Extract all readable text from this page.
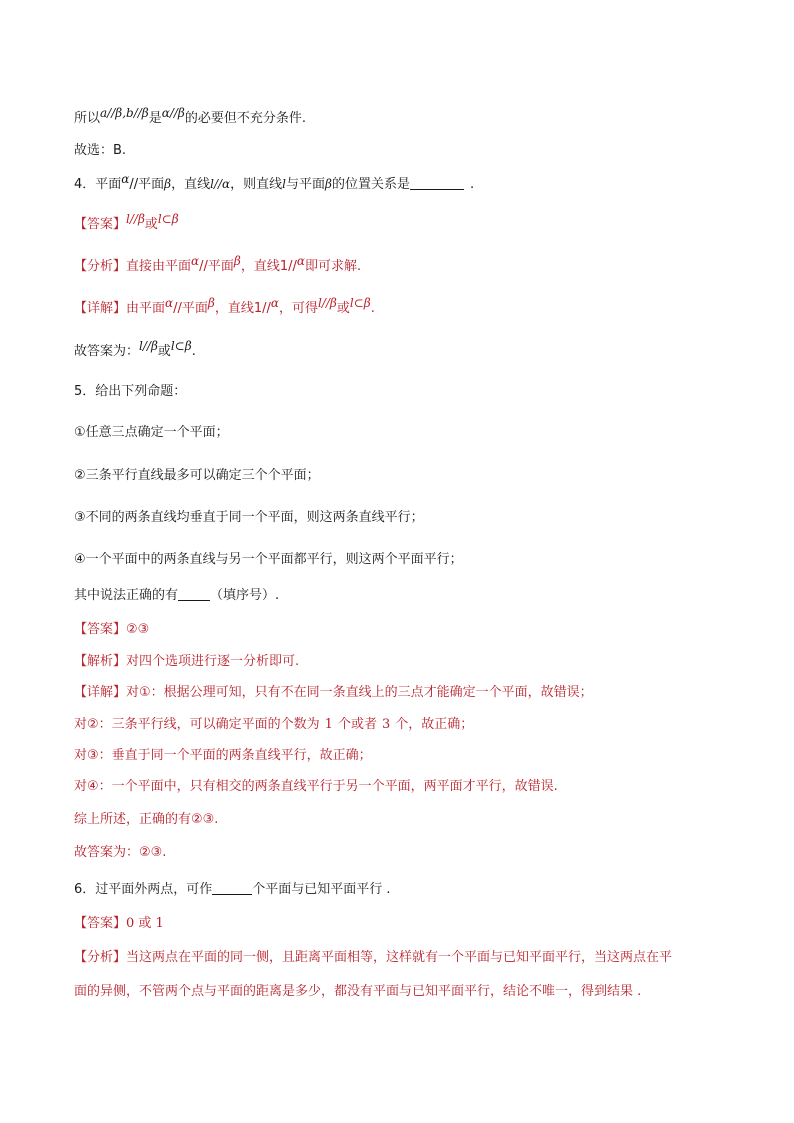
所以a//β,b//β是α//β的必要但不充分条件.
故选：B.
4．平面α//平面β，直线l//α，则直线l与平面β的位置关系是	.
【答案】l//β或l⊂β
【分析】直接由平面α//平面β，直线1//α即可求解.
【详解】由平面α//平面β，直线1//α，可得l//β或l⊂β.
故答案为：l//β或l⊂β.
5．给出下列命题：
①任意三点确定一个平面；
②三条平行直线最多可以确定三个个平面；
③不同的两条直线均垂直于同一个平面，则这两条直线平行；
④一个平面中的两条直线与另一个平面都平行，则这两个平面平行；
其中说法正确的有 （填序号）.
【答案】②③
【解析】对四个选项进行逐一分析即可.
【详解】对①：根据公理可知，只有不在同一条直线上的三点才能确定一个平面，故错误；
对②：三条平行线，可以确定平面的个数为 1 个或者 3 个，故正确；
对③：垂直于同一个平面的两条直线平行，故正确；
对④：一个平面中，只有相交的两条直线平行于另一个平面，两平面才平行，故错误.
综上所述，正确的有②③.
故答案为：②③.
6．过平面外两点，可作	个平面与已知平面平行 .
【答案】0 或 1
【分析】当这两点在平面的同一侧，且距离平面相等，这样就有一个平面与已知平面平行，当这两点在平
面的异侧，不管两个点与平面的距离是多少，都没有平面与已知平面平行，结论不唯一，得到结果 .
